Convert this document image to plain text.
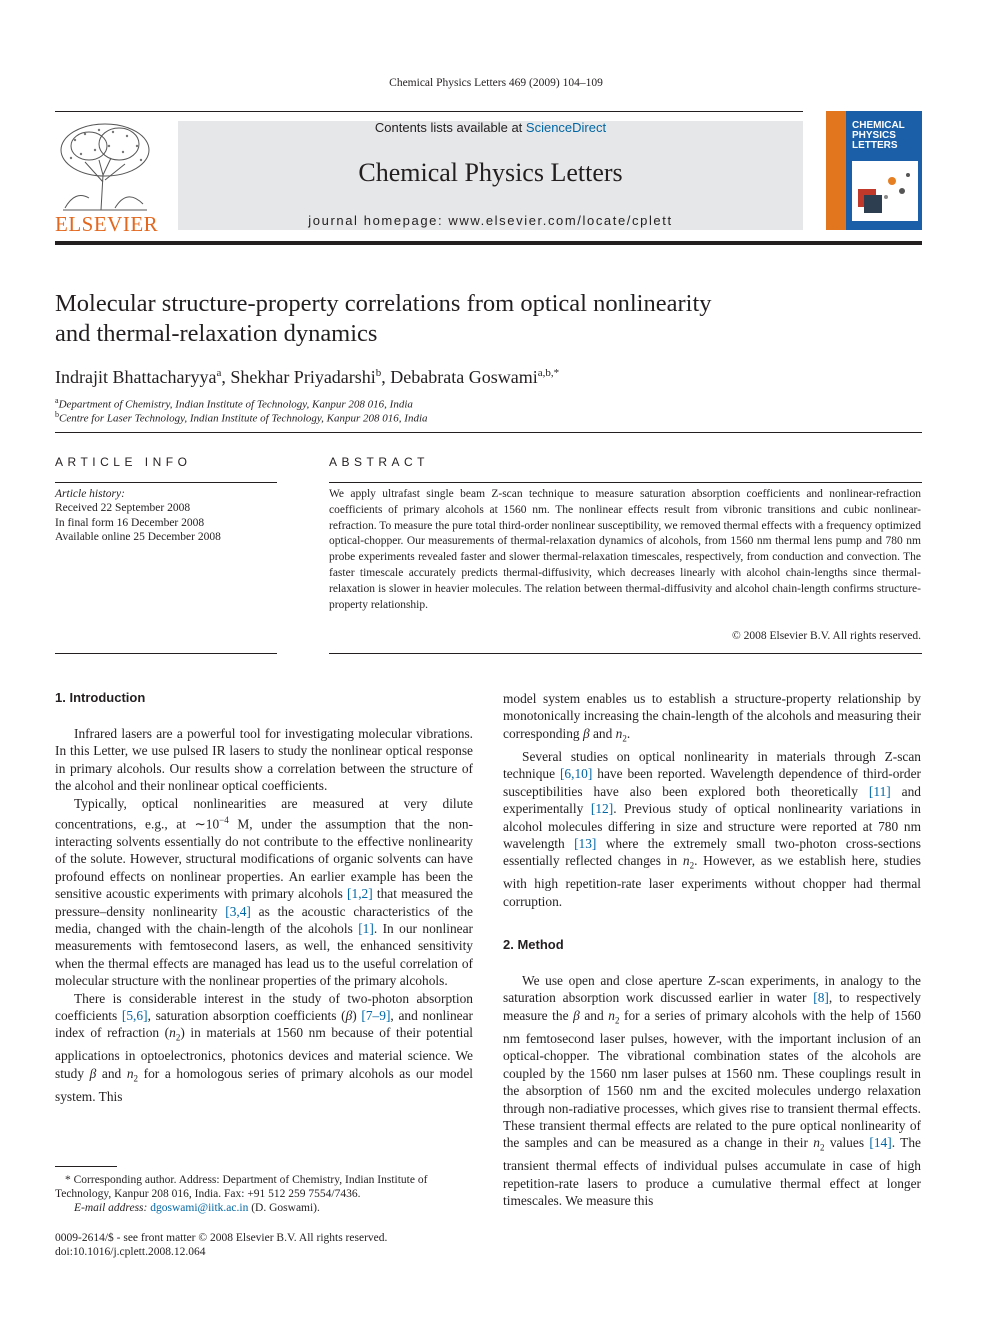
Chemical Physics Letters 469 (2009) 104–109
ELSEVIER
Contents lists available at ScienceDirect
Chemical Physics Letters
journal homepage: www.elsevier.com/locate/cplett
CHEMICAL
PHYSICS
LETTERS
Molecular structure-property correlations from optical nonlinearity
and thermal-relaxation dynamics
Indrajit Bhattacharyya$^a$, Shekhar Priyadarshi$^b$, Debabrata Goswami$^{a,b,*}$
$^a$Department of Chemistry, Indian Institute of Technology, Kanpur 208 016, India
$^b$Centre for Laser Technology, Indian Institute of Technology, Kanpur 208 016, India
ARTICLE INFO
Article history:
Received 22 September 2008
In final form 16 December 2008
Available online 25 December 2008
ABSTRACT
We apply ultrafast single beam Z-scan technique to measure saturation absorption coefficients and nonlinear-refraction coefficients of primary alcohols at 1560 nm. The nonlinear effects result from vibronic transitions and cubic nonlinear-refraction. To measure the pure total third-order nonlinear susceptibility, we removed thermal effects with a frequency optimized optical-chopper. Our measurements of thermal-relaxation dynamics of alcohols, from 1560 nm thermal lens pump and 780 nm probe experiments revealed faster and slower thermal-relaxation timescales, respectively, from conduction and convection. The faster timescale accurately predicts thermal-diffusivity, which decreases linearly with alcohol chain-lengths since thermal-relaxation is slower in heavier molecules. The relation between thermal-diffusivity and alcohol chain-length confirms structure-property relationship.
© 2008 Elsevier B.V. All rights reserved.
1. Introduction

Infrared lasers are a powerful tool for investigating molecular vibrations. In this Letter, we use pulsed IR lasers to study the nonlinear optical response in primary alcohols. Our results show a correlation between the structure of the alcohol and their nonlinear optical coefficients.

Typically, optical nonlinearities are measured at very dilute concentrations, e.g., at $\sim 10^{-4}$ M, under the assumption that the non-interacting solvents essentially do not contribute to the effective nonlinearity of the solute. However, structural modifications of organic solvents can have profound effects on nonlinear properties. An earlier example has been the sensitive acoustic experiments with primary alcohols [1,2] that measured the pressure–density nonlinearity [3,4] as the acoustic characteristics of the media, changed with the chain-length of the alcohols [1]. In our nonlinear measurements with femtosecond lasers, as well, the enhanced sensitivity when the thermal effects are managed has lead us to the useful correlation of molecular structure with the nonlinear properties of the primary alcohols.

There is considerable interest in the study of two-photon absorption coefficients [5,6], saturation absorption coefficients (β) [7–9], and nonlinear index of refraction $(n_2)$ in materials at 1560 nm because of their potential applications in optoelectronics, photonics devices and material science. We study β and $n_2$ for a homologous series of primary alcohols as our model system. This

* Corresponding author. Address: Department of Chemistry, Indian Institute of Technology, Kanpur 208 016, India. Fax: +91 512 259 7554/7436.
E-mail address: dgoswami@iitk.ac.in (D. Goswami).
0009-2614/$ - see front matter © 2008 Elsevier B.V. All rights reserved.
doi:10.1016/j.cplett.2008.12.064

model system enables us to establish a structure-property relationship by monotonically increasing the chain-length of the alcohols and measuring their corresponding β and $n_2$.

Several studies on optical nonlinearity in materials through Z-scan technique [6,10] have been reported. Wavelength dependence of third-order susceptibilities have also been explored both theoretically [11] and experimentally [12]. Previous study of optical nonlinearity variations in alcohol molecules differing in size and structure were reported at 780 nm wavelength [13] where the extremely small two-photon cross-sections essentially reflected changes in $n_2$. However, as we establish here, studies with high repetition-rate laser experiments without chopper had thermal corruption.

2. Method

We use open and close aperture Z-scan experiments, in analogy to the saturation absorption work discussed earlier in water [8], to respectively measure the β and $n_2$ for a series of primary alcohols with the help of 1560 nm femtosecond laser pulses, however, with the important inclusion of an optical-chopper. The vibrational combination states of the alcohols are coupled by the 1560 nm laser pulses at 1560 nm. These couplings result in the absorption of 1560 nm and the excited molecules undergo relaxation through non-radiative processes, which gives rise to transient thermal effects. These transient thermal effects are related to the pure optical nonlinearity of the samples and can be measured as a change in their $n_2$ values [14]. The transient thermal effects of individual pulses accumulate in case of high repetition-rate lasers to produce a cumulative thermal effect at longer timescales. We measure this
